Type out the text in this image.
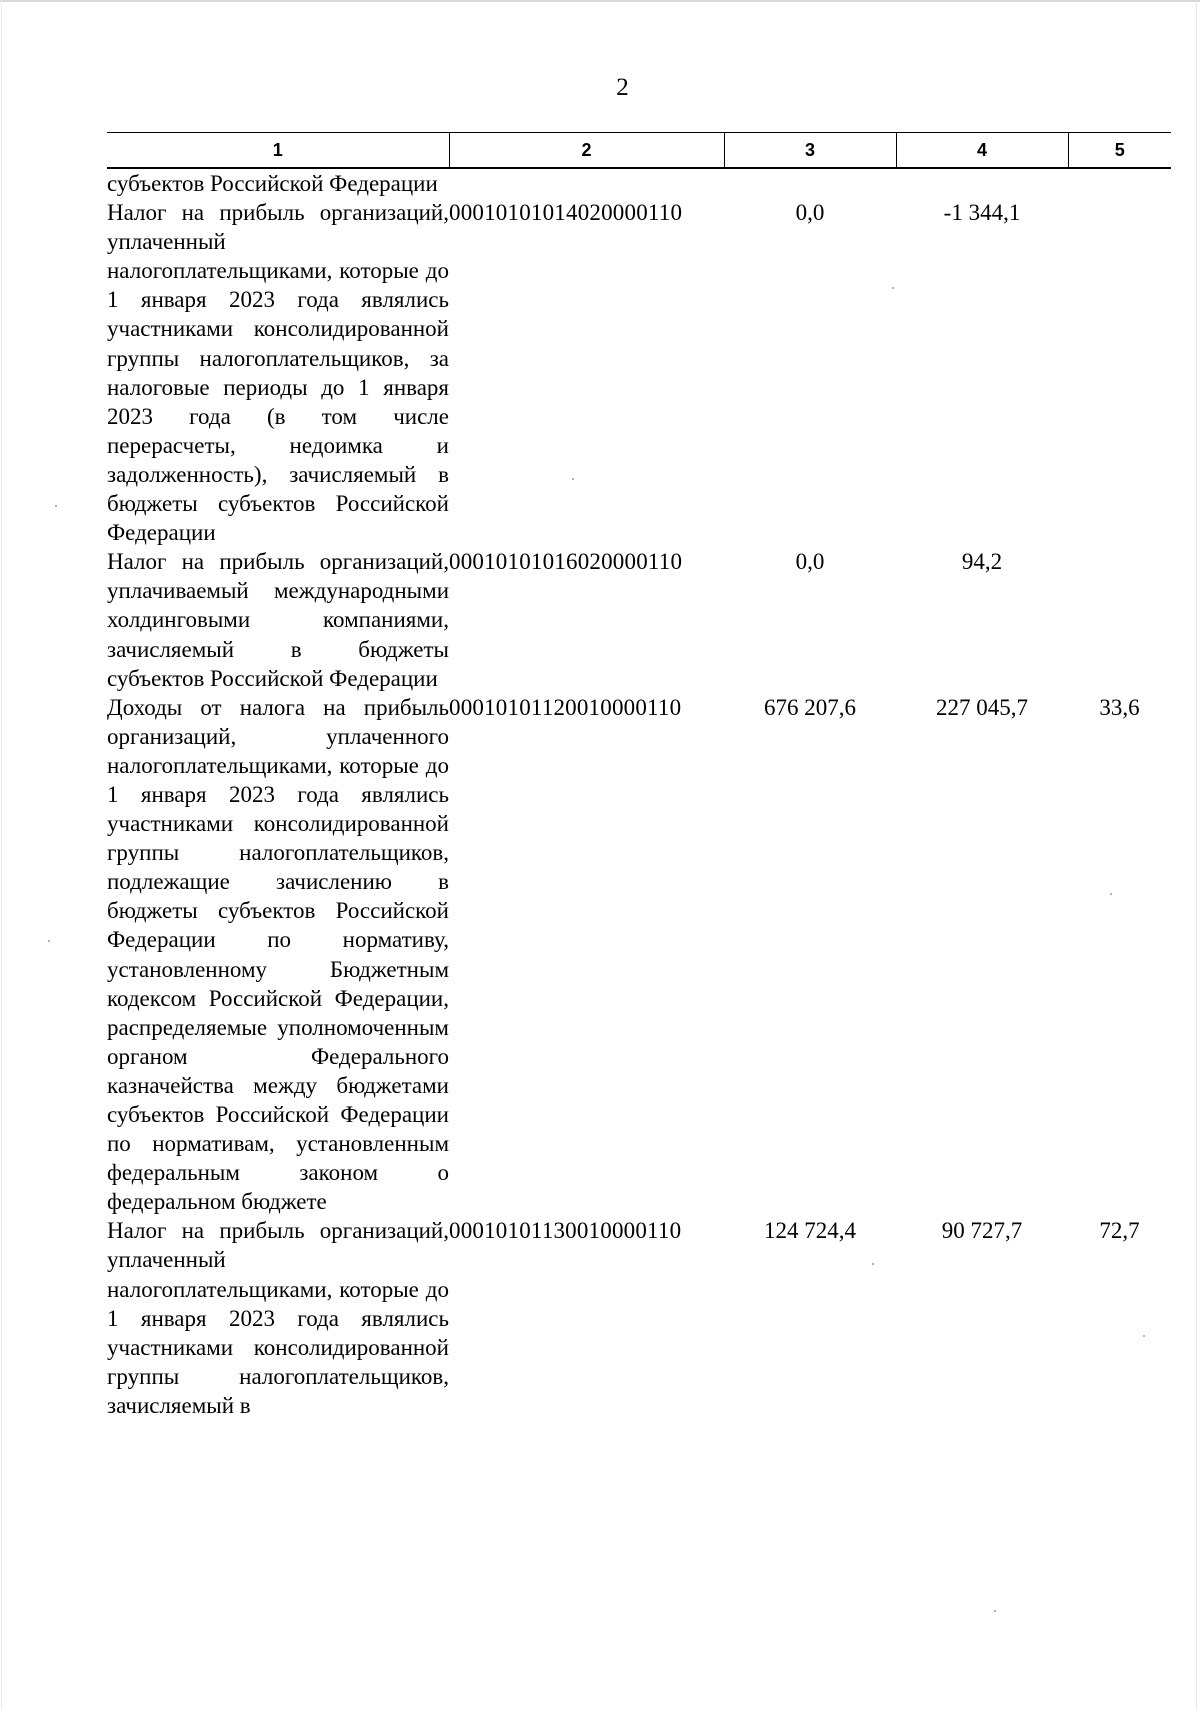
2
1	2	3	4	5
субъектов Российской Федерации				
Налог на прибыль организаций, уплаченный налогоплательщиками, которые до 1 января 2023 года являлись участниками консолидированной группы налогоплательщиков, за налоговые периоды до 1 января 2023 года (в том числе перерасчеты, недоимка и задолженность), зачисляемый в бюджеты субъектов Российской Федерации	00010101014020000110	0,0	-1 344,1	
Налог на прибыль организаций, уплачиваемый международными холдинговыми компаниями, зачисляемый в бюджеты субъектов Российской Федерации	00010101016020000110	0,0	94,2	
Доходы от налога на прибыль организаций, уплаченного налогоплательщиками, которые до 1 января 2023 года являлись участниками консолидированной группы налогоплательщиков, подлежащие зачислению в бюджеты субъектов Российской Федерации по нормативу, установленному Бюджетным кодексом Российской Федерации, распределяемые уполномоченным органом Федерального казначейства между бюджетами субъектов Российской Федерации по нормативам, установленным федеральным законом о федеральном бюджете	00010101120010000110	676 207,6	227 045,7	33,6
Налог на прибыль организаций, уплаченный налогоплательщиками, которые до 1 января 2023 года являлись участниками консолидированной группы налогоплательщиков, зачисляемый в	00010101130010000110	124 724,4	90 727,7	72,7
